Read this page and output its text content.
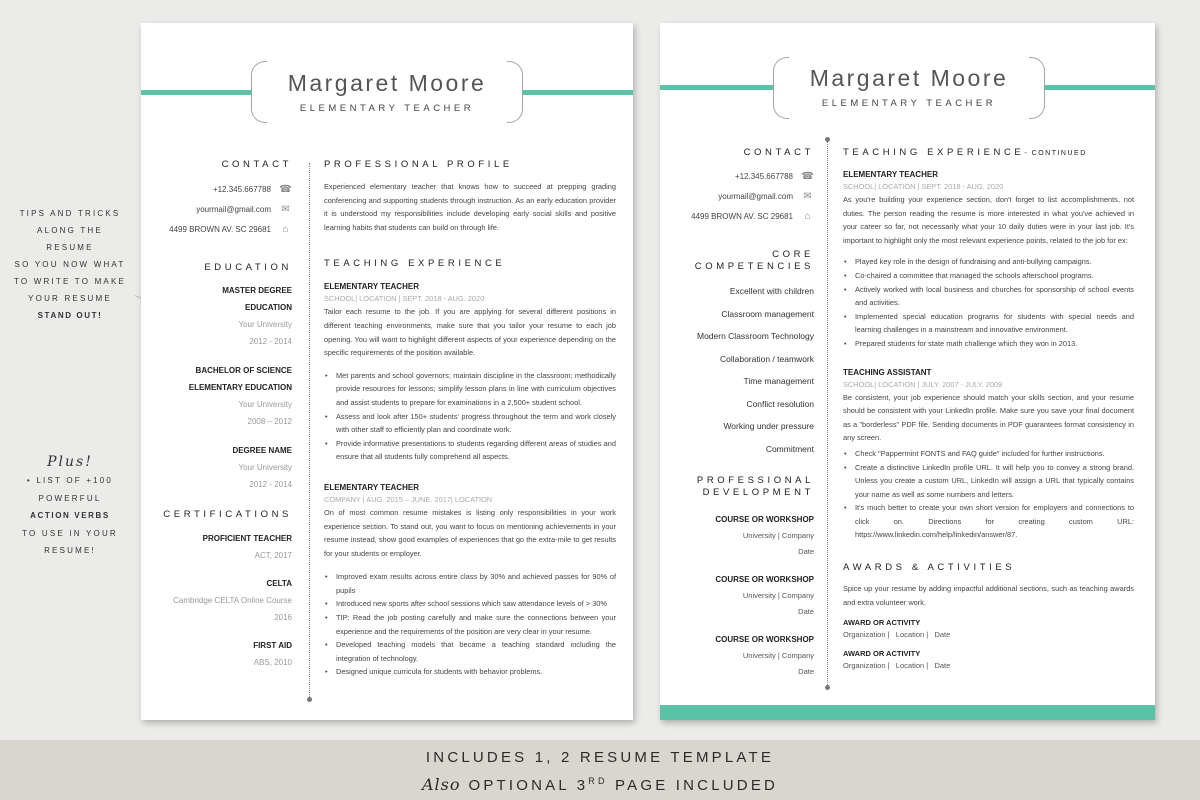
TIPS AND TRICKS
ALONG THE
RESUME
SO YOU NOW WHAT
TO WRITE TO MAKE
YOUR RESUME
STAND OUT!
Plus!
• LIST OF +100
POWERFUL
ACTION VERBS
TO USE IN YOUR
RESUME!
Margaret Moore
ELEMENTARY TEACHER
CONTACT
+12.345.667788 ☎
yourmail@gmail.com ✉
4499 BROWN AV. SC 29681 ⌂
EDUCATION
MASTER DEGREE
EDUCATION
Your University
2012 - 2014
BACHELOR OF SCIENCE
ELEMENTARY EDUCATION
Your University
2008 – 2012
DEGREE NAME
Your University
2012 - 2014
CERTIFICATIONS
PROFICIENT TEACHER
ACT, 2017
CELTA
Cambridge CELTA Online Course
2016
FIRST AID
ABS, 2010
PROFESSIONAL PROFILE
Experienced elementary teacher that knows how to succeed at prepping grading conferencing and supporting students through instruction. As an early education provider it is understood my responsibilities include developing early social skills and positive learning habits that students can build on through life.
TEACHING EXPERIENCE
ELEMENTARY TEACHER
SCHOOL| LOCATION | SEPT. 2018 - AUG. 2020
Tailor each resume to the job. If you are applying for several different positions in different teaching environments, make sure that you tailor your resume to each job opening. You will want to highlight different aspects of your experience depending on the specific requirements of the position available.
• Met parents and school governors; maintain discipline in the classroom; methodically provide resources for lessons; simplify lesson plans in line with curriculum objectives and assist students to prepare for examinations in a 2,500+ student school.
• Assess and look after 150+ students' progress throughout the term and work closely with other staff to efficiently plan and coordinate work.
• Provide informative presentations to students regarding different areas of studies and ensure that all students fully comprehend all aspects.
ELEMENTARY TEACHER
COMPANY | AUG. 2015 – JUNE. 2017| LOCATION
On of most common resume mistakes is listing only responsibilities in your work experience section. To stand out, you want to focus on mentioning achievements in your resume instead, show good examples of experiences that go the extra-mile to get results for your students or employer.
• Improved exam results across entire class by 30% and achieved passes for 90% of pupils
• Introduced new sports after school sessions which saw attendance levels of > 30%
• TIP: Read the job posting carefully and make sure the connections between your experience and the requirements of the position are very clear in your resume.
• Developed teaching models that became a teaching standard including the integration of technology.
• Designed unique curricula for students with behavior problems.
Margaret Moore
ELEMENTARY TEACHER
CONTACT
+12.345.667788 ☎
yourmail@gmail.com ✉
4499 BROWN AV. SC 29681 ⌂
CORE
COMPETENCIES
Excellent with children
Classroom management
Modern Classroom Technology
Collaboration / teamwork
Time management
Conflict resolution
Working under pressure
Commitment
PROFESSIONAL
DEVELOPMENT
COURSE OR WORKSHOP
University | Company
Date
COURSE OR WORKSHOP
University | Company
Date
COURSE OR WORKSHOP
University | Company
Date
TEACHING EXPERIENCE- CONTINUED
ELEMENTARY TEACHER
SCHOOL| LOCATION | SEPT. 2018 - AUG. 2020
As you're building your experience section, don't forget to list accomplishments, not duties. The person reading the resume is more interested in what you've achieved in your career so far, not necessarily what your 10 daily duties were in your last job. It's important to highlight only the most relevant experience points, related to the job for ex:
• Played key role in the design of fundraising and anti-bullying campaigns.
• Co-chaired a committee that managed the schools afterschool programs.
• Actively worked with local business and churches for sponsorship of school events and activities.
• Implemented special education programs for students with special needs and learning challenges in a mainstream and innovative environment.
• Prepared students for state math challenge which they won in 2013.
TEACHING ASSISTANT
SCHOOL| LOCATION | JULY. 2007 - JULY. 2009
Be consistent, your job experience should match your skills section, and your resume should be consistent with your LinkedIn profile. Make sure you save your final document as a "borderless" PDF file. Sending documents in PDF guarantees format consistency in any screen.
• Check "Pappermint FONTS and FAQ guide" included for further instructions.
• Create a distinctive LinkedIn profile URL. It will help you to convey a strong brand. Unless you create a custom URL, LinkedIn will assign a URL that typically contains your name as well as some numbers and letters.
• It's much better to create your own short version for employers and connections to click on. Directions for creating custom URL: https://www.linkedin.com/help/linkedin/answer/87.
AWARDS & ACTIVITIES
Spice up your resume by adding impactful additional sections, such as teaching awards and extra volunteer work.
AWARD OR ACTIVITY
Organization |   Location |   Date
AWARD OR ACTIVITY
Organization |   Location |   Date
INCLUDES 1, 2 RESUME TEMPLATE
Also OPTIONAL 3RD PAGE INCLUDED
